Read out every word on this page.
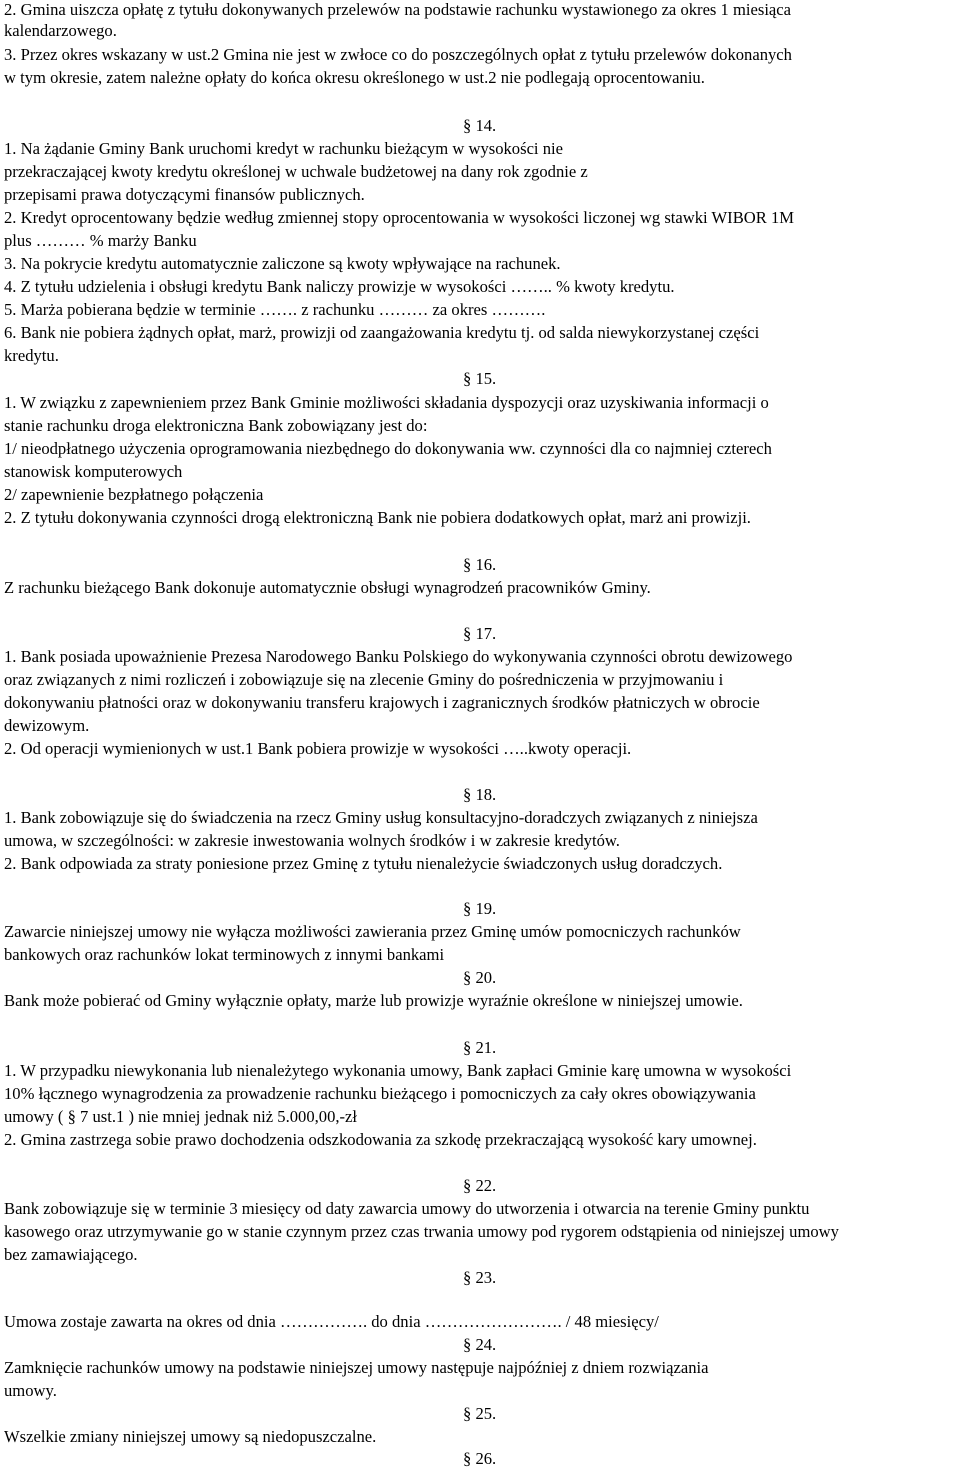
2. Gmina uiszcza opłatę z tytułu dokonywanych przelewów na podstawie rachunku wystawionego za okres 1 miesiąca
kalendarzowego.
3. Przez okres wskazany w ust.2 Gmina nie jest w zwłoce co do poszczególnych opłat z tytułu przelewów dokonanych
w tym okresie, zatem należne opłaty do końca okresu określonego w ust.2 nie podlegają oprocentowaniu.
§ 14.
1. Na żądanie Gminy Bank uruchomi kredyt w rachunku bieżącym w wysokości nie
przekraczającej kwoty kredytu określonej w uchwale budżetowej na dany rok zgodnie z
przepisami prawa dotyczącymi finansów publicznych.
2. Kredyt oprocentowany będzie według zmiennej stopy oprocentowania w wysokości liczonej wg stawki WIBOR 1M
plus ……… % marży Banku
3. Na pokrycie kredytu automatycznie zaliczone są kwoty wpływające na rachunek.
4. Z tytułu udzielenia i obsługi kredytu Bank naliczy prowizje w wysokości …….. % kwoty kredytu.
5. Marża pobierana będzie w terminie ……. z rachunku ……… za okres ……….
6. Bank nie pobiera żądnych opłat, marż, prowizji od zaangażowania kredytu tj. od salda niewykorzystanej części
kredytu.
§ 15.
1. W związku z zapewnieniem przez Bank Gminie możliwości składania dyspozycji oraz uzyskiwania informacji o
stanie rachunku droga elektroniczna Bank zobowiązany jest do:
1/ nieodpłatnego użyczenia oprogramowania niezbędnego do dokonywania ww. czynności dla co najmniej czterech
stanowisk komputerowych
2/ zapewnienie bezpłatnego połączenia
2. Z tytułu dokonywania czynności drogą elektroniczną Bank nie pobiera dodatkowych opłat, marż ani prowizji.
§ 16.
Z rachunku bieżącego Bank dokonuje automatycznie obsługi wynagrodzeń pracowników Gminy.
§ 17.
1. Bank posiada upoważnienie Prezesa Narodowego Banku Polskiego do wykonywania czynności obrotu dewizowego
oraz związanych z nimi rozliczeń i zobowiązuje się na zlecenie Gminy do pośredniczenia w przyjmowaniu i
dokonywaniu płatności oraz w dokonywaniu transferu krajowych i zagranicznych środków płatniczych w obrocie
dewizowym.
2. Od operacji wymienionych w ust.1 Bank pobiera prowizje w wysokości …..kwoty operacji.
§ 18.
1. Bank zobowiązuje się do świadczenia na rzecz Gminy usług konsultacyjno-doradczych związanych z niniejsza
umowa, w szczególności: w zakresie inwestowania wolnych środków i w zakresie kredytów.
2. Bank odpowiada za straty poniesione przez Gminę z tytułu nienależycie świadczonych usług doradczych.
§ 19.
Zawarcie niniejszej umowy nie wyłącza możliwości zawierania przez Gminę umów pomocniczych rachunków
bankowych oraz rachunków lokat terminowych z innymi bankami
§ 20.
Bank może pobierać od Gminy wyłącznie opłaty, marże lub prowizje wyraźnie określone w niniejszej umowie.
§ 21.
1. W przypadku niewykonania lub nienależytego wykonania umowy, Bank zapłaci Gminie karę umowna w wysokości
10% łącznego wynagrodzenia za prowadzenie rachunku bieżącego i pomocniczych za cały okres obowiązywania
umowy ( § 7 ust.1 ) nie mniej jednak niż 5.000,00,-zł
2. Gmina zastrzega sobie prawo dochodzenia odszkodowania za szkodę przekraczającą wysokość kary umownej.
§ 22.
Bank zobowiązuje się w terminie 3 miesięcy od daty zawarcia umowy do utworzenia i otwarcia na terenie Gminy punktu
kasowego oraz utrzymywanie go w stanie czynnym przez czas trwania umowy pod rygorem odstąpienia od niniejszej umowy
bez zamawiającego.
§ 23.
Umowa zostaje zawarta na okres od dnia ……………. do dnia ……………………. / 48 miesięcy/
§ 24.
Zamknięcie rachunków umowy na podstawie niniejszej umowy następuje najpóźniej z dniem rozwiązania
umowy.
§ 25.
Wszelkie zmiany niniejszej umowy są niedopuszczalne.
§ 26.
